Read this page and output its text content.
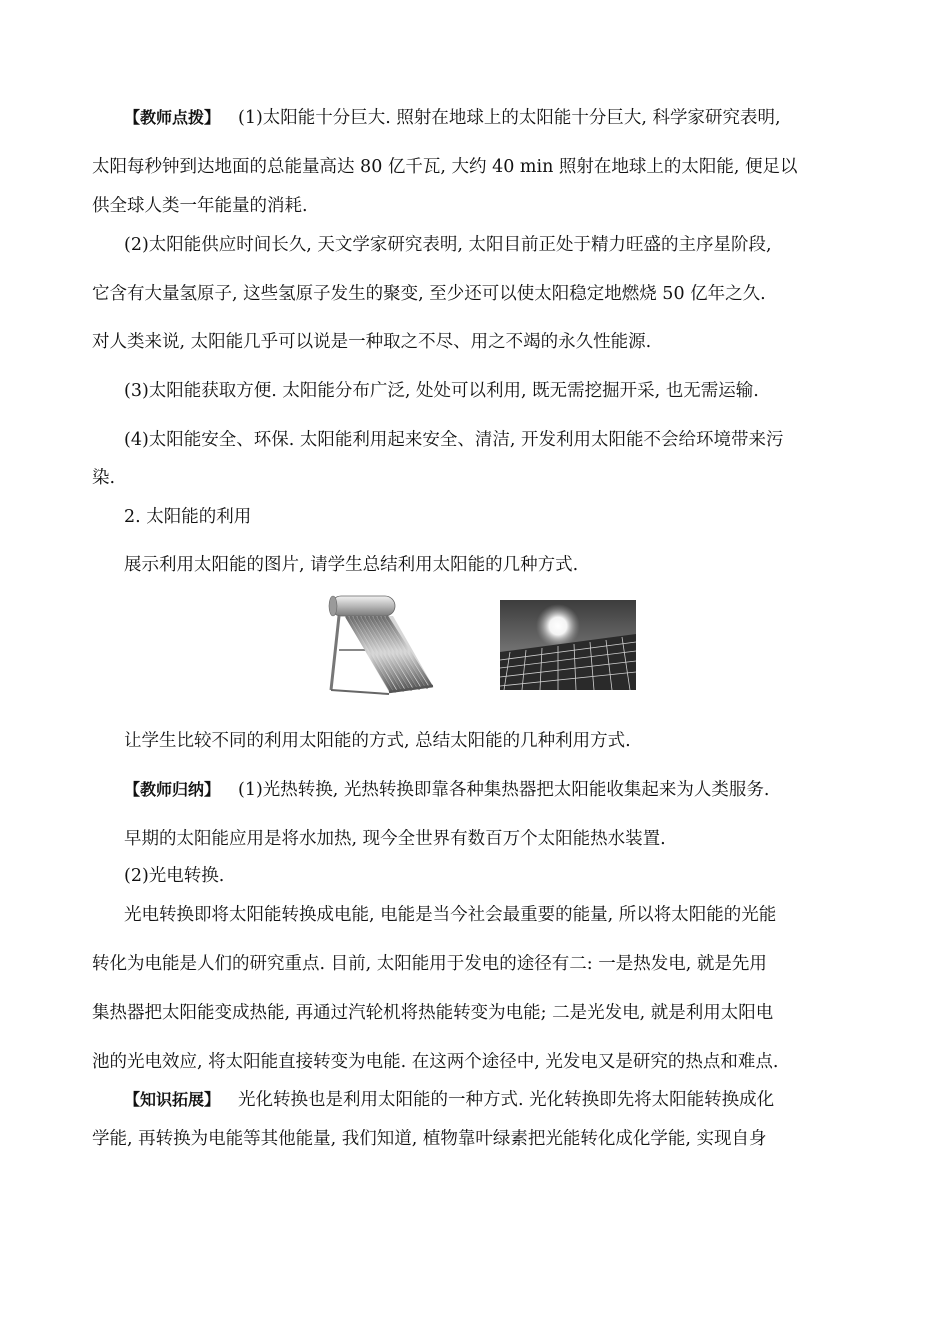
【教师点拨】 (1)太阳能十分巨大. 照射在地球上的太阳能十分巨大, 科学家研究表明,
太阳每秒钟到达地面的总能量高达 80 亿千瓦, 大约 40 min 照射在地球上的太阳能, 便足以
供全球人类一年能量的消耗.
(2)太阳能供应时间长久, 天文学家研究表明, 太阳目前正处于精力旺盛的主序星阶段,
它含有大量氢原子, 这些氢原子发生的聚变, 至少还可以使太阳稳定地燃烧 50 亿年之久.
对人类来说, 太阳能几乎可以说是一种取之不尽、用之不竭的永久性能源.
(3)太阳能获取方便. 太阳能分布广泛, 处处可以利用, 既无需挖掘开采, 也无需运输.
(4)太阳能安全、环保. 太阳能利用起来安全、清洁, 开发利用太阳能不会给环境带来污
染.
2. 太阳能的利用
展示利用太阳能的图片, 请学生总结利用太阳能的几种方式.
让学生比较不同的利用太阳能的方式, 总结太阳能的几种利用方式.
【教师归纳】 (1)光热转换, 光热转换即靠各种集热器把太阳能收集起来为人类服务.
早期的太阳能应用是将水加热, 现今全世界有数百万个太阳能热水装置.
(2)光电转换.
光电转换即将太阳能转换成电能, 电能是当今社会最重要的能量, 所以将太阳能的光能
转化为电能是人们的研究重点. 目前, 太阳能用于发电的途径有二: 一是热发电, 就是先用
集热器把太阳能变成热能, 再通过汽轮机将热能转变为电能; 二是光发电, 就是利用太阳电
池的光电效应, 将太阳能直接转变为电能. 在这两个途径中, 光发电又是研究的热点和难点.
【知识拓展】 光化转换也是利用太阳能的一种方式. 光化转换即先将太阳能转换成化
学能, 再转换为电能等其他能量, 我们知道, 植物靠叶绿素把光能转化成化学能, 实现自身
